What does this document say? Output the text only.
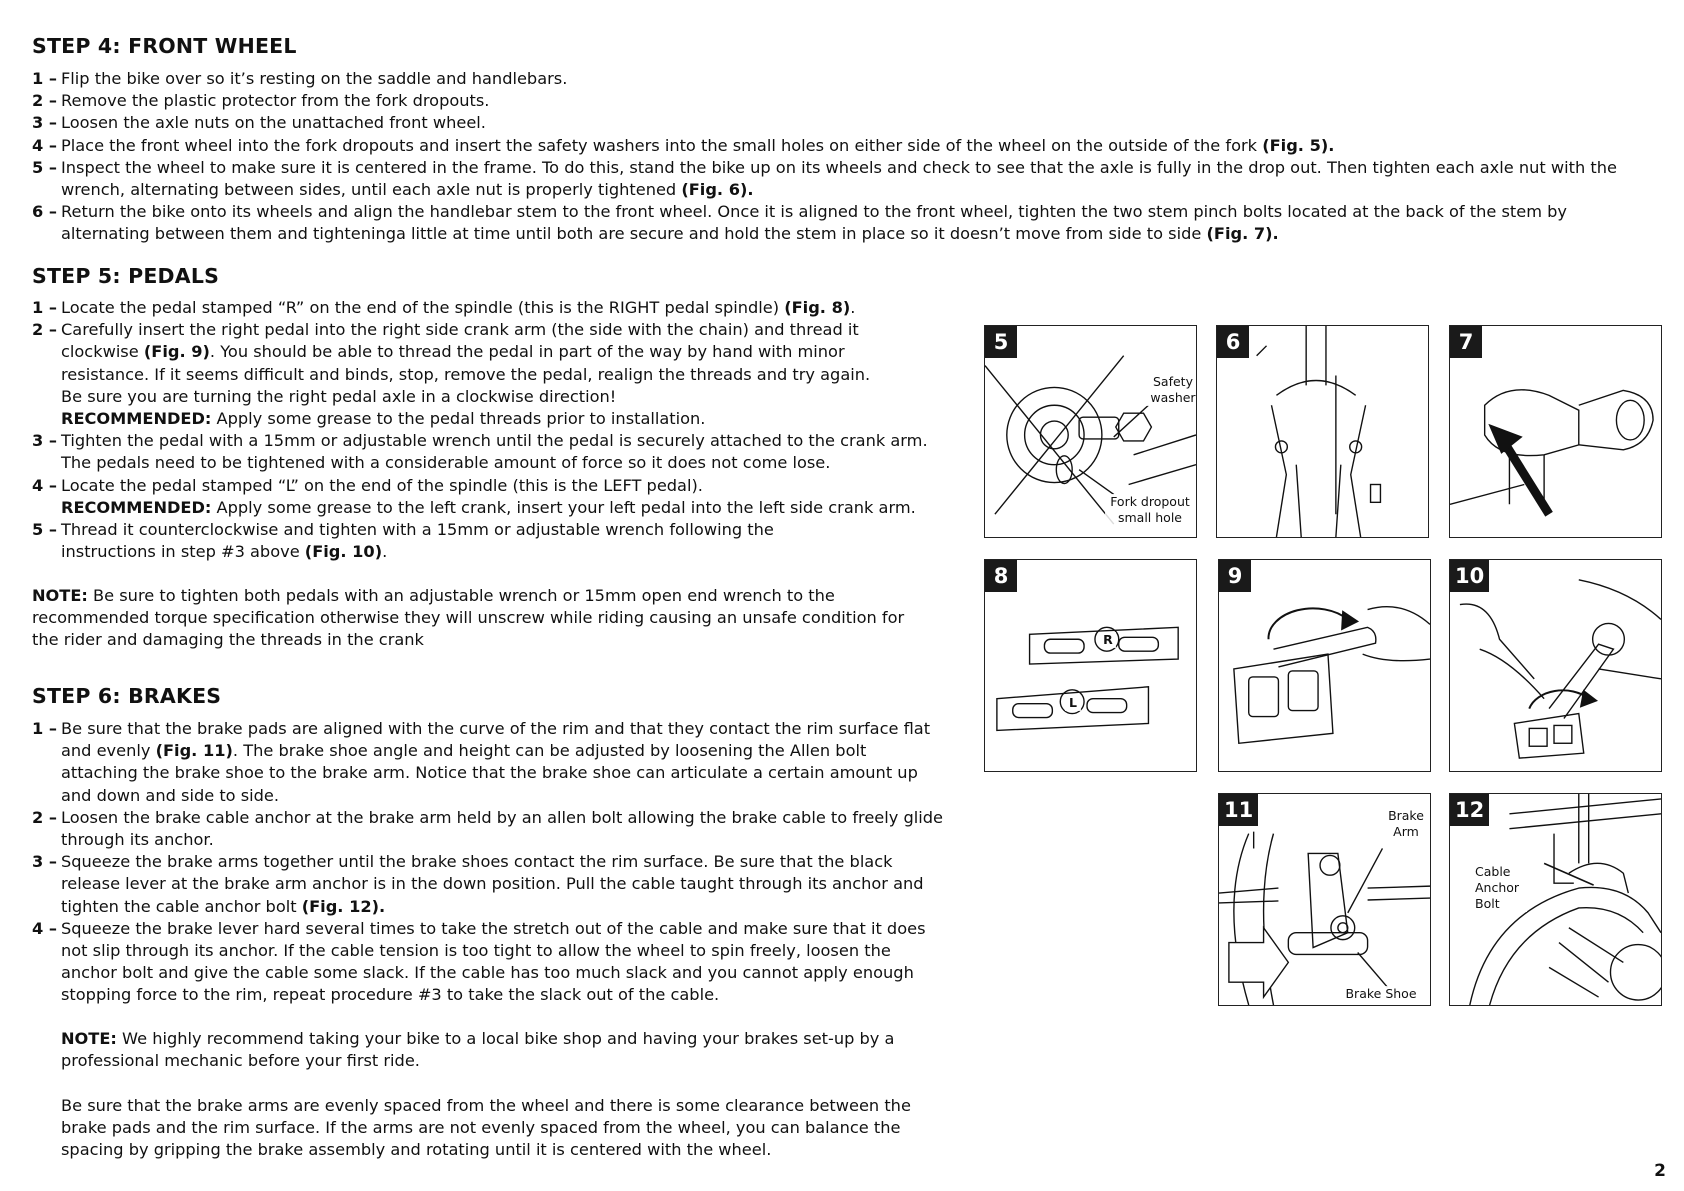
STEP 4: FRONT WHEEL
1 – Flip the bike over so it’s resting on the saddle and handlebars.
2 – Remove the plastic protector from the fork dropouts.
3 – Loosen the axle nuts on the unattached front wheel.
4 – Place the front wheel into the fork dropouts and insert the safety washers into the small holes on either side of the wheel on the outside of the fork (Fig. 5).
5 – Inspect the wheel to make sure it is centered in the frame. To do this, stand the bike up on its wheels and check to see that the axle is fully in the drop out. Then tighten each axle nut with the wrench, alternating between sides, until each axle nut is properly tightened (Fig. 6).
6 – Return the bike onto its wheels and align the handlebar stem to the front wheel. Once it is aligned to the front wheel, tighten the two stem pinch bolts located at the back of the stem by alternating between them and tighteninga little at time until both are secure and hold the stem in place so it doesn’t move from side to side (Fig. 7).
STEP 5: PEDALS
1 – Locate the pedal stamped “R” on the end of the spindle (this is the RIGHT pedal spindle) (Fig. 8).
2 – Carefully insert the right pedal into the right side crank arm (the side with the chain) and thread it clockwise (Fig. 9). You should be able to thread the pedal in part of the way by hand with minor resistance. If it seems difficult and binds, stop, remove the pedal, realign the threads and try again.
Be sure you are turning the right pedal axle in a clockwise direction!
RECOMMENDED: Apply some grease to the pedal threads prior to installation.
3 – Tighten the pedal with a 15mm or adjustable wrench until the pedal is securely attached to the crank arm.
The pedals need to be tightened with a considerable amount of force so it does not come lose.
4 – Locate the pedal stamped “L” on the end of the spindle (this is the LEFT pedal).
RECOMMENDED: Apply some grease to the left crank, insert your left pedal into the left side crank arm.
5 – Thread it counterclockwise and tighten with a 15mm or adjustable wrench following the instructions in step #3 above (Fig. 10).

NOTE: Be sure to tighten both pedals with an adjustable wrench or 15mm open end wrench to the recommended torque specification otherwise they will unscrew while riding causing an unsafe condition for the rider and damaging the threads in the crank

STEP 6: BRAKES
1 – Be sure that the brake pads are aligned with the curve of the rim and that they contact the rim surface flat and evenly (Fig. 11). The brake shoe angle and height can be adjusted by loosening the Allen bolt attaching the brake shoe to the brake arm. Notice that the brake shoe can articulate a certain amount up and down and side to side.
2 – Loosen the brake cable anchor at the brake arm held by an allen bolt allowing the brake cable to freely glide through its anchor.
3 – Squeeze the brake arms together until the brake shoes contact the rim surface. Be sure that the black release lever at the brake arm anchor is in the down position. Pull the cable taught through its anchor and tighten the cable anchor bolt (Fig. 12).
4 – Squeeze the brake lever hard several times to take the stretch out of the cable and make sure that it does not slip through its anchor. If the cable tension is too tight to allow the wheel to spin freely, loosen the anchor bolt and give the cable some slack. If the cable has too much slack and you cannot apply enough stopping force to the rim, repeat procedure #3 to take the slack out of the cable.

NOTE: We highly recommend taking your bike to a local bike shop and having your brakes set-up by a professional mechanic before your first ride.

Be sure that the brake arms are evenly spaced from the wheel and there is some clearance between the brake pads and the rim surface. If the arms are not evenly spaced from the wheel, you can balance the spacing by gripping the brake assembly and rotating until it is centered with the wheel.

5
Safety washer
Fork dropout small hole
6	7
8
R
L
9	10
11	Brake Arm
Brake Shoe
12
Cable Anchor Bolt
2
